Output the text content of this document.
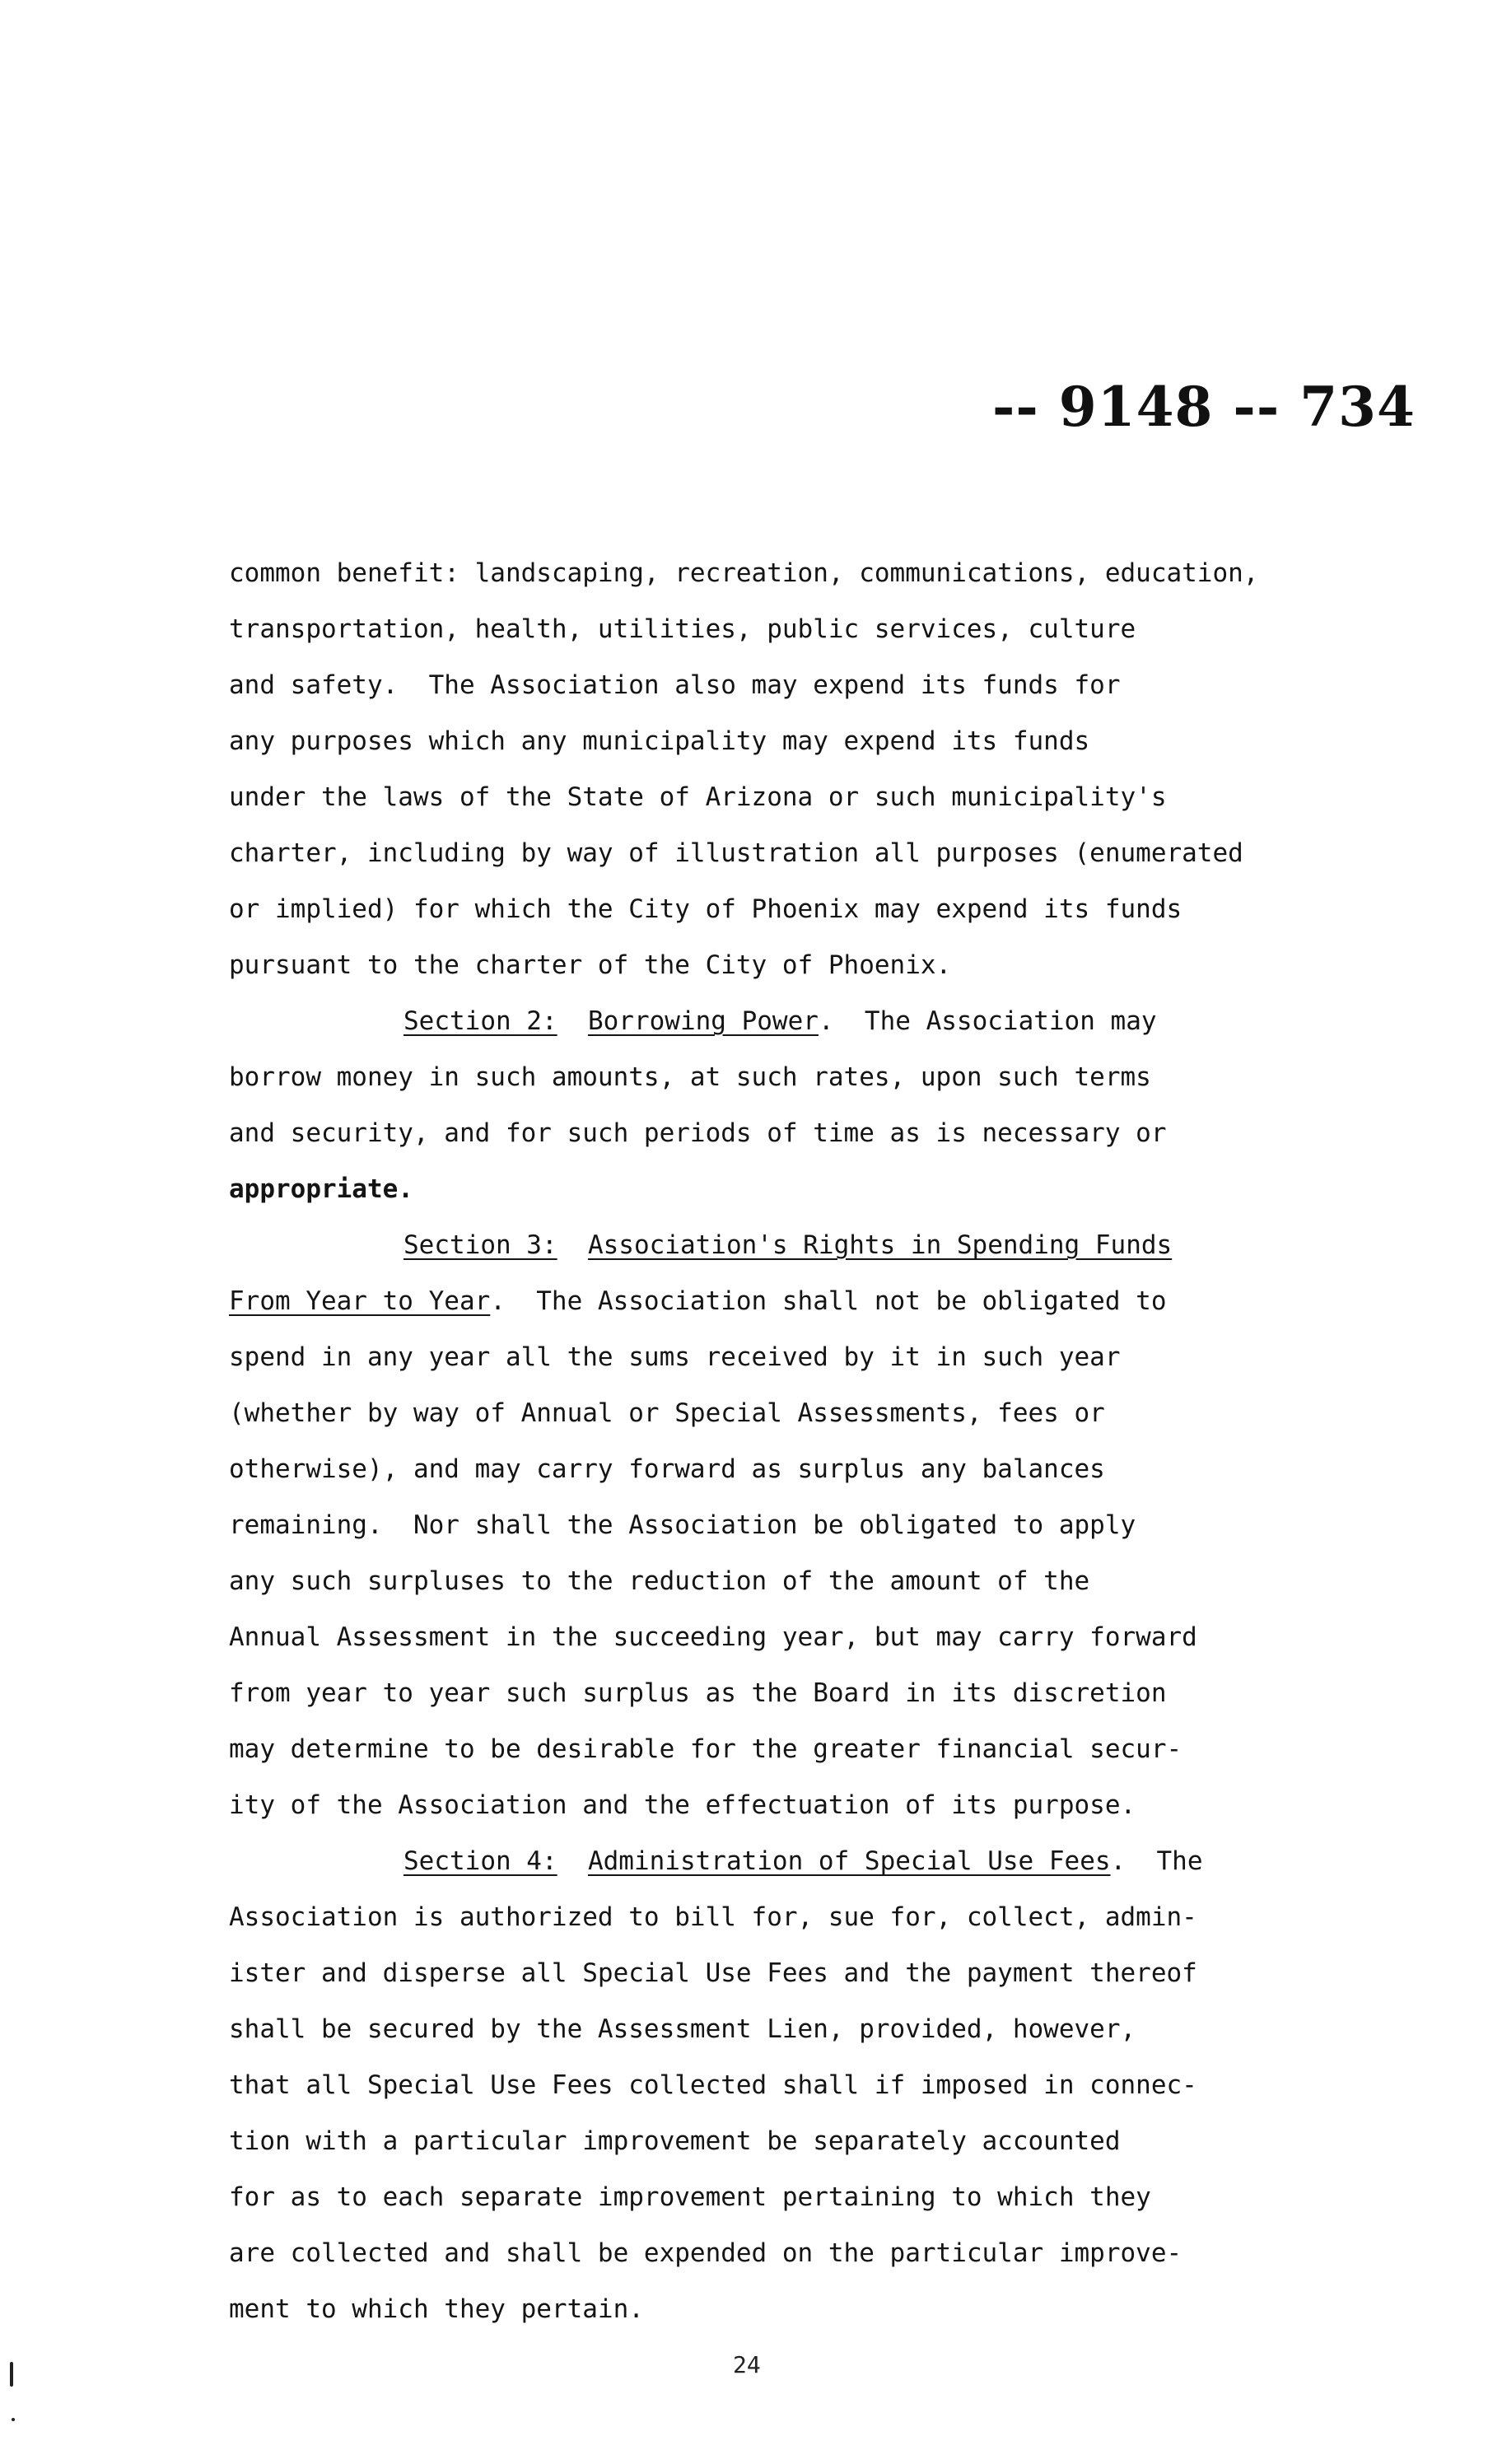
-- 9148 -- 734
common benefit: landscaping, recreation, communications, education,
transportation, health, utilities, public services, culture
and safety.  The Association also may expend its funds for
any purposes which any municipality may expend its funds
under the laws of the State of Arizona or such municipality's
charter, including by way of illustration all purposes (enumerated
or implied) for which the City of Phoenix may expend its funds
pursuant to the charter of the City of Phoenix.
Section 2: Borrowing Power.  The Association may
borrow money in such amounts, at such rates, upon such terms
and security, and for such periods of time as is necessary or
appropriate.
Section 3: Association's Rights in Spending Funds
From Year to Year.  The Association shall not be obligated to
spend in any year all the sums received by it in such year
(whether by way of Annual or Special Assessments, fees or
otherwise), and may carry forward as surplus any balances
remaining.  Nor shall the Association be obligated to apply
any such surpluses to the reduction of the amount of the
Annual Assessment in the succeeding year, but may carry forward
from year to year such surplus as the Board in its discretion
may determine to be desirable for the greater financial secur-
ity of the Association and the effectuation of its purpose.
Section 4: Administration of Special Use Fees.  The
Association is authorized to bill for, sue for, collect, admin-
ister and disperse all Special Use Fees and the payment thereof
shall be secured by the Assessment Lien, provided, however,
that all Special Use Fees collected shall if imposed in connec-
tion with a particular improvement be separately accounted
for as to each separate improvement pertaining to which they
are collected and shall be expended on the particular improve-
ment to which they pertain.
24
